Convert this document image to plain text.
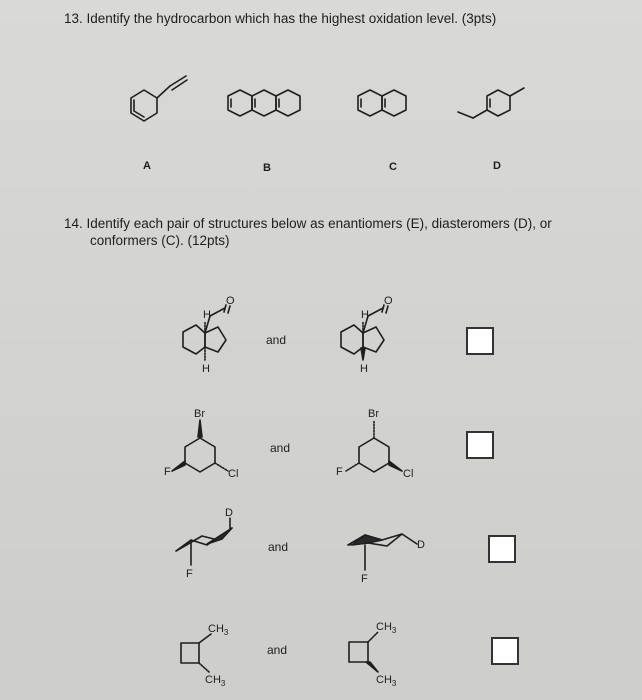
13. Identify the hydrocarbon which has the highest oxidation level. (3pts)
H
O
H
H
O
H
Br
F	Cl
Br
F	Cl
D
F
D
F
$CH_3$
$CH_3$
$CH_3$
$CH_3$
A	B	C	D
14. Identify each pair of structures below as enantiomers (E), diasteromers (D), or
conformers (C). (12pts)
and
and
and
and
